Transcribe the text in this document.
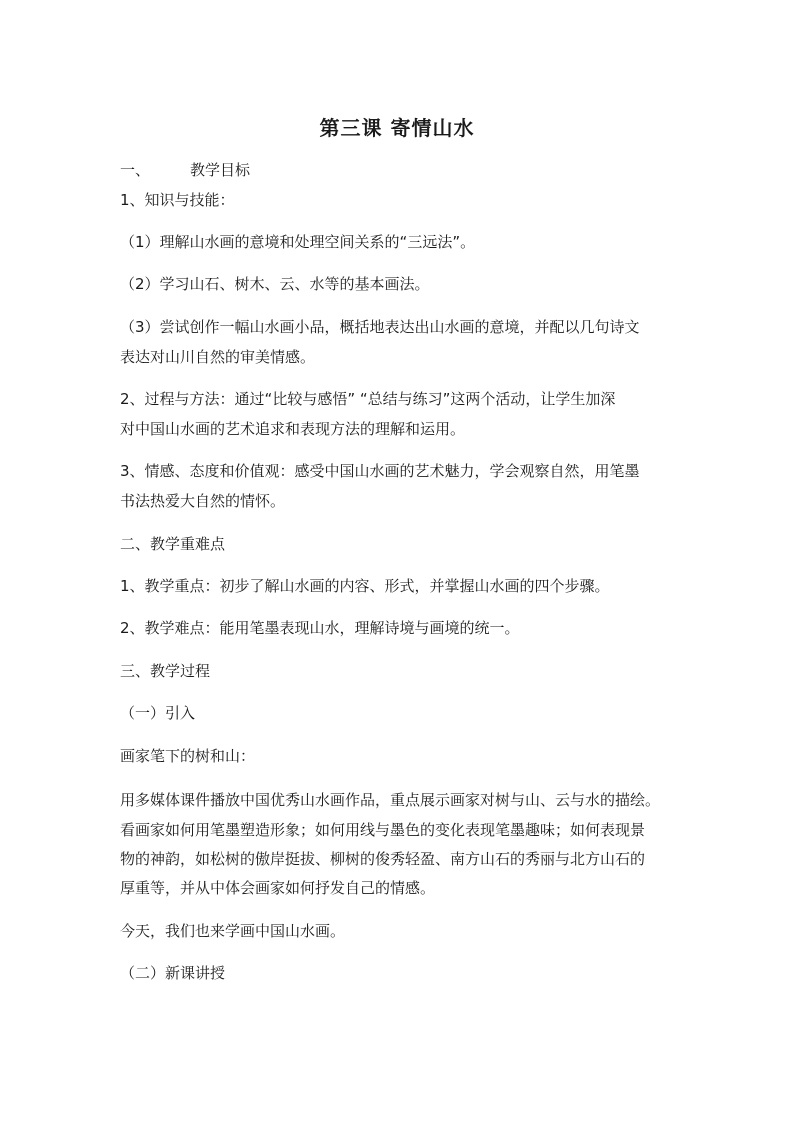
第三课 寄情山水
一、	教学目标
1、知识与技能：
（1）理解山水画的意境和处理空间关系的“三远法”。
（2）学习山石、树木、云、水等的基本画法。
（3）尝试创作一幅山水画小品，概括地表达出山水画的意境，并配以几句诗文
表达对山川自然的审美情感。
2、过程与方法：通过“比较与感悟” “总结与练习”这两个活动，让学生加深
对中国山水画的艺术追求和表现方法的理解和运用。
3、情感、态度和价值观：感受中国山水画的艺术魅力，学会观察自然，用笔墨
书法热爱大自然的情怀。
二、教学重难点
1、教学重点：初步了解山水画的内容、形式，并掌握山水画的四个步骤。
2、教学难点：能用笔墨表现山水，理解诗境与画境的统一。
三、教学过程
（一）引入
画家笔下的树和山：
用多媒体课件播放中国优秀山水画作品，重点展示画家对树与山、云与水的描绘。
看画家如何用笔墨塑造形象；如何用线与墨色的变化表现笔墨趣味；如何表现景
物的神韵，如松树的傲岸挺拔、柳树的俊秀轻盈、南方山石的秀丽与北方山石的
厚重等，并从中体会画家如何抒发自己的情感。
今天，我们也来学画中国山水画。
（二）新课讲授
